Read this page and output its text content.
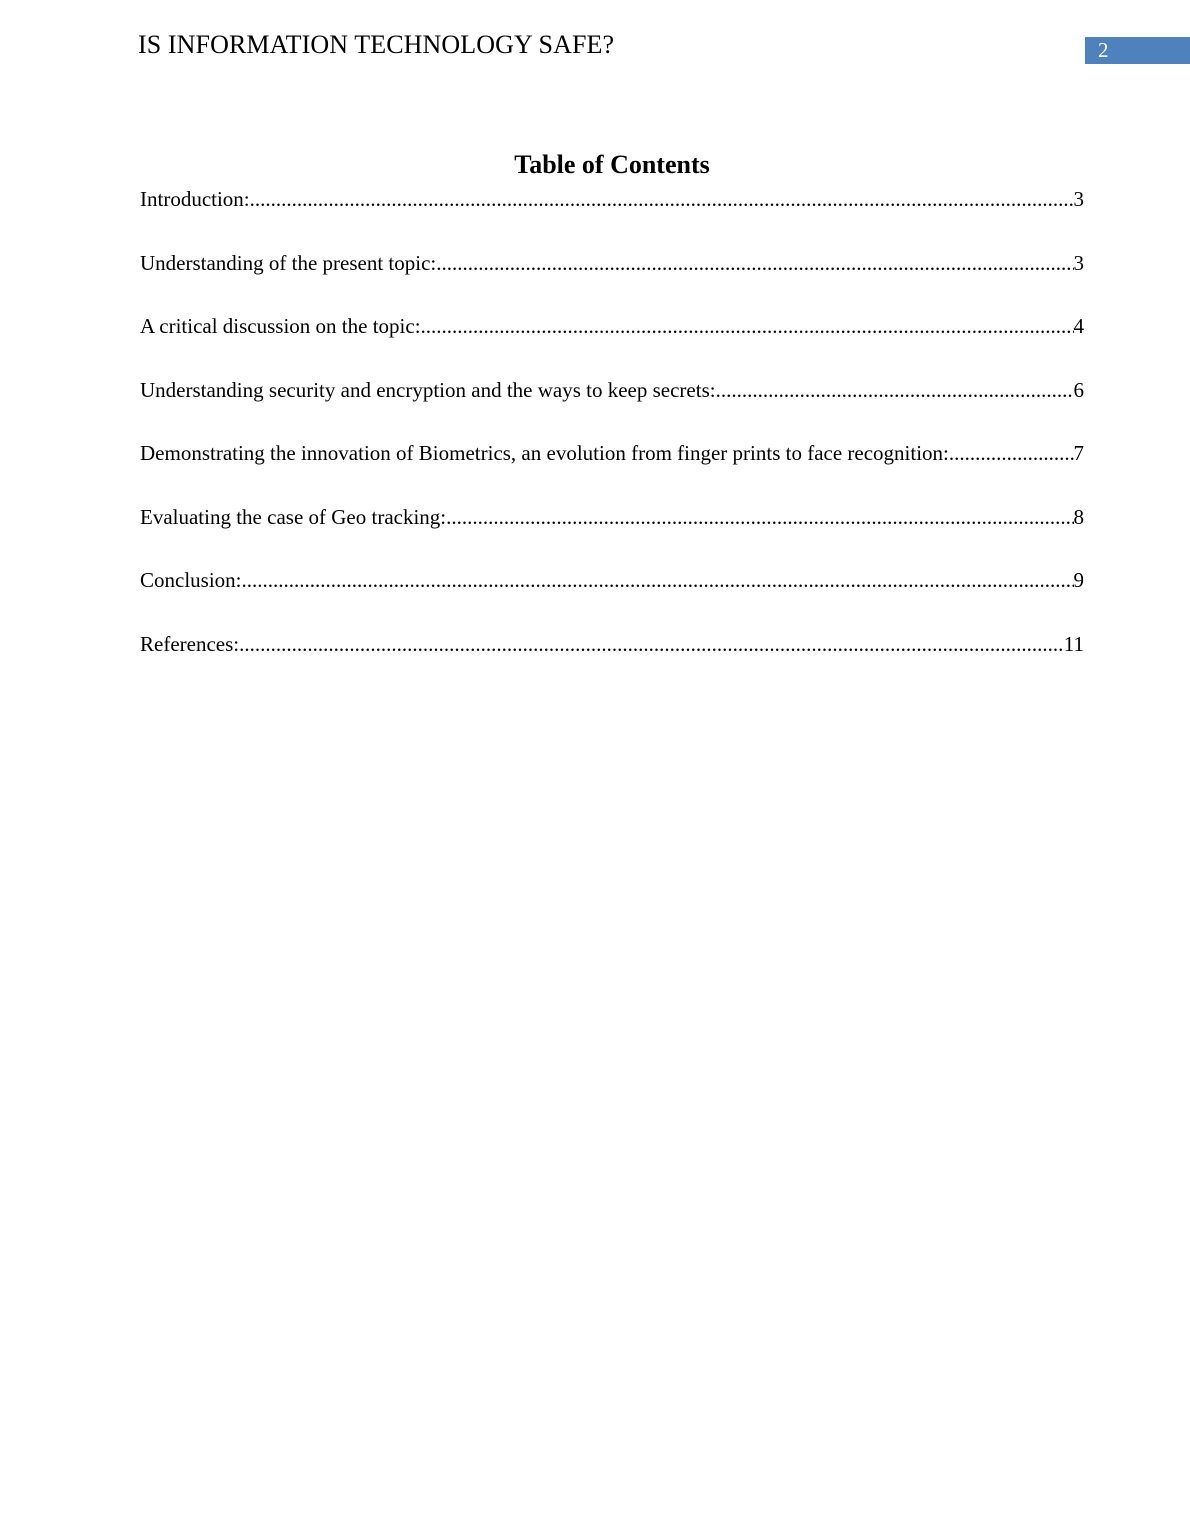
IS INFORMATION TECHNOLOGY SAFE?	2
Table of Contents
Introduction: .....	3
Understanding of the present topic: .....	3
A critical discussion on the topic: .....	4
Understanding security and encryption and the ways to keep secrets: .....	6
Demonstrating the innovation of Biometrics, an evolution from finger prints to face recognition: .....	7
Evaluating the case of Geo tracking: .....	8
Conclusion: .....	9
References: .....	11
